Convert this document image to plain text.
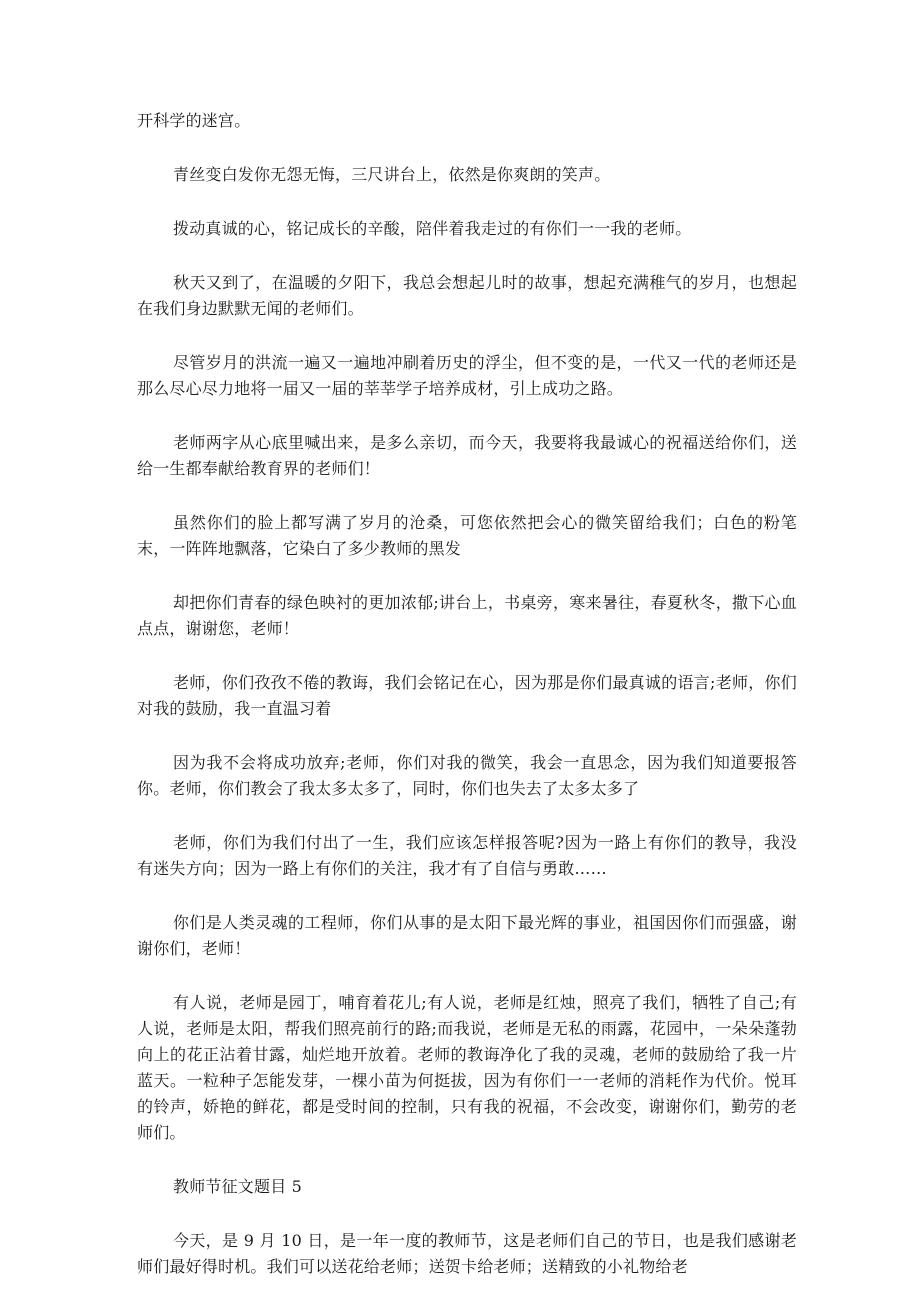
开科学的迷宫。

青丝变白发你无怨无悔，三尺讲台上，依然是你爽朗的笑声。

拨动真诚的心，铭记成长的辛酸，陪伴着我走过的有你们一一我的老师。

秋天又到了，在温暖的夕阳下，我总会想起儿时的故事，想起充满稚气的岁月，也想起在我们身边默默无闻的老师们。

尽管岁月的洪流一遍又一遍地冲刷着历史的浮尘，但不变的是，一代又一代的老师还是那么尽心尽力地将一届又一届的莘莘学子培养成材，引上成功之路。

老师两字从心底里喊出来，是多么亲切，而今天，我要将我最诚心的祝福送给你们，送给一生都奉献给教育界的老师们！

虽然你们的脸上都写满了岁月的沧桑，可您依然把会心的微笑留给我们；白色的粉笔末，一阵阵地飘落，它染白了多少教师的黑发

却把你们青春的绿色映衬的更加浓郁;讲台上，书桌旁，寒来暑往，春夏秋冬，撒下心血点点，谢谢您，老师！

老师，你们孜孜不倦的教诲，我们会铭记在心，因为那是你们最真诚的语言;老师，你们对我的鼓励，我一直温习着

因为我不会将成功放弃;老师，你们对我的微笑，我会一直思念，因为我们知道要报答你。老师，你们教会了我太多太多了，同时，你们也失去了太多太多了

老师，你们为我们付出了一生，我们应该怎样报答呢?因为一路上有你们的教导，我没有迷失方向；因为一路上有你们的关注，我才有了自信与勇敢……

你们是人类灵魂的工程师，你们从事的是太阳下最光辉的事业，祖国因你们而强盛，谢谢你们，老师！

有人说，老师是园丁，哺育着花儿;有人说，老师是红烛，照亮了我们，牺牲了自己;有人说，老师是太阳，帮我们照亮前行的路;而我说，老师是无私的雨露，花园中，一朵朵蓬勃向上的花正沾着甘露，灿烂地开放着。老师的教诲净化了我的灵魂，老师的鼓励给了我一片蓝天。一粒种子怎能发芽，一棵小苗为何挺拔，因为有你们一一老师的消耗作为代价。悦耳的铃声，娇艳的鲜花，都是受时间的控制，只有我的祝福，不会改变，谢谢你们，勤劳的老师们。

教师节征文题目 5

今天，是 9 月 10 日，是一年一度的教师节，这是老师们自己的节日，也是我们感谢老师们最好得时机。我们可以送花给老师；送贺卡给老师；送精致的小礼物给老
